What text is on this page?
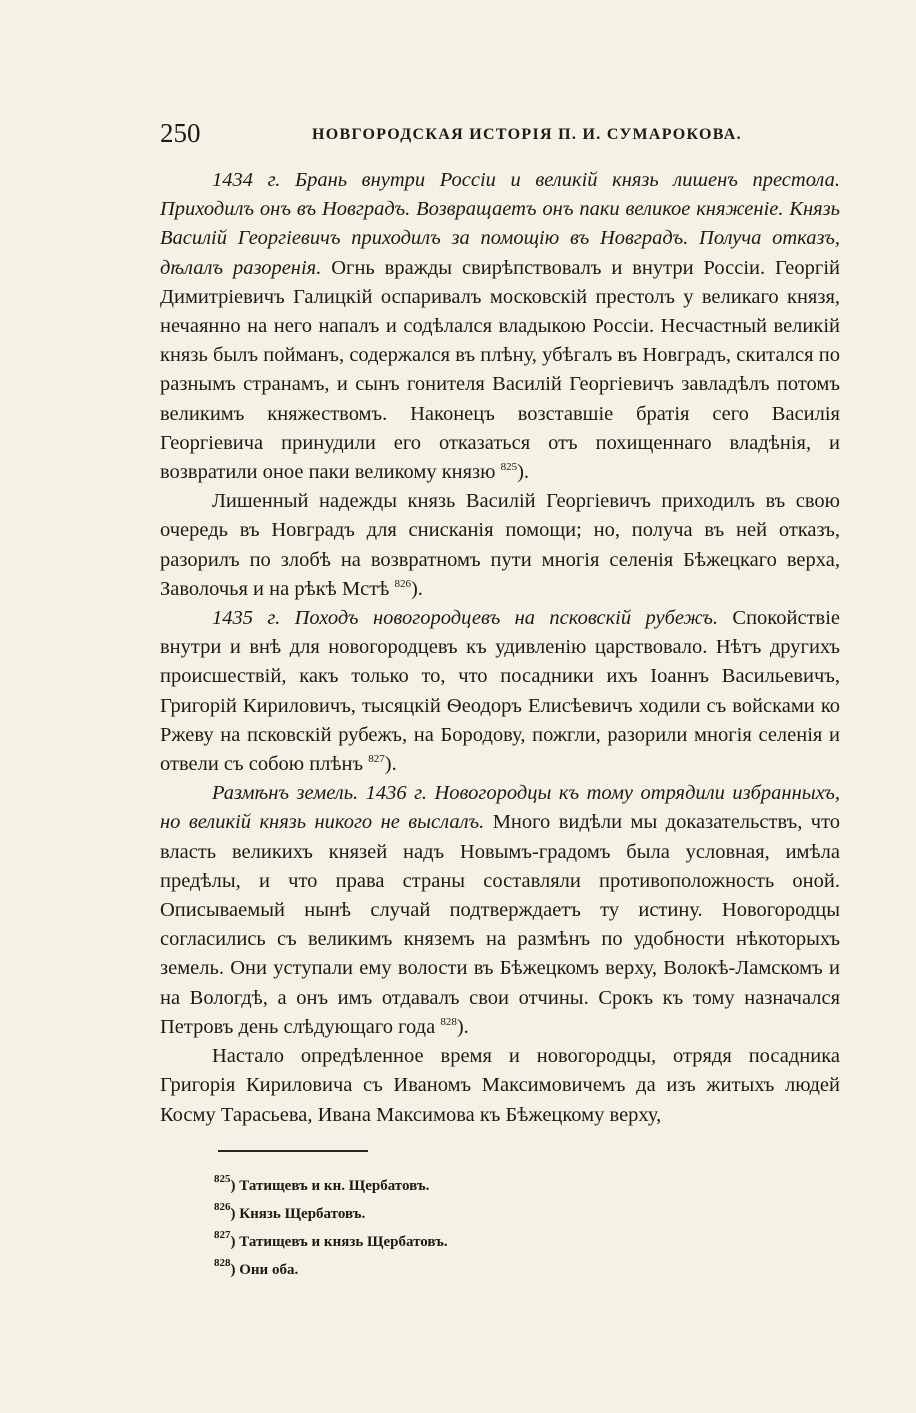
250	НОВГОРОДСКАЯ ИСТОРІЯ П. И. СУМАРОКОВА.

1434 г. Брань внутри Россіи и великій князь лишенъ престола. Приходилъ онъ въ Новградъ. Возвращаетъ онъ паки великое княженіе. Князь Василій Георгіевичъ приходилъ за помощію въ Новградъ. Получа отказъ, дѣлалъ разоренія. Огнь вражды свирѣпствовалъ и внутри Россіи. Георгій Димитріевичъ Галицкій оспаривалъ московскій престолъ у великаго князя, нечаянно на него напалъ и содѣлался владыкою Россіи. Несчастный великій князь былъ пойманъ, содержался въ плѣну, убѣгалъ въ Новградъ, скитался по разнымъ странамъ, и сынъ гонителя Василій Георгіевичъ завладѣлъ потомъ великимъ княжествомъ. Наконецъ возставшіе братія сего Василія Георгіевича принудили его отказаться отъ похищеннаго владѣнія, и возвратили оное паки великому князю $^{825}$).

Лишенный надежды князь Василій Георгіевичъ приходилъ въ свою очередь въ Новградъ для снисканія помощи; но, получа въ ней отказъ, разорилъ по злобѣ на возвратномъ пути многія селенія Бѣжецкаго верха, Заволочья и на рѣкѣ Мстѣ $^{826}$).

1435 г. Походъ новогородцевъ на псковскій рубежъ. Спокойствіе внутри и внѣ для новогородцевъ къ удивленію царствовало. Нѣтъ другихъ происшествій, какъ только то, что посадники ихъ Іоаннъ Васильевичъ, Григорій Кириловичъ, тысяцкій Ѳеодоръ Елисѣевичъ ходили съ войсками ко Ржеву на псковскій рубежъ, на Бородову, пожгли, разорили многія селенія и отвели съ собою плѣнъ $^{827}$).

Размѣнъ земель. 1436 г. Новогородцы къ тому отрядили избранныхъ, но великій князь никого не выслалъ. Много видѣли мы доказательствъ, что власть великихъ князей надъ Новымъ-градомъ была условная, имѣла предѣлы, и что права страны составляли противоположность оной. Описываемый нынѣ случай подтверждаетъ ту истину. Новогородцы согласились съ великимъ княземъ на размѣнъ по удобности нѣкоторыхъ земель. Они уступали ему волости въ Бѣжецкомъ верху, Волокѣ-Ламскомъ и на Вологдѣ, а онъ имъ отдавалъ свои отчины. Срокъ къ тому назначался Петровъ день слѣдующаго года $^{828}$).

Настало опредѣленное время и новогородцы, отрядя посадника Григорія Кириловича съ Иваномъ Максимовичемъ да изъ житыхъ людей Косму Тарасьева, Ивана Максимова къ Бѣжецкому верху,

$^{825}$) Татищевъ и кн. Щербатовъ.

$^{826}$) Князь Щербатовъ.

$^{827}$) Татищевъ и князь Щербатовъ.

$^{828}$) Они оба.
